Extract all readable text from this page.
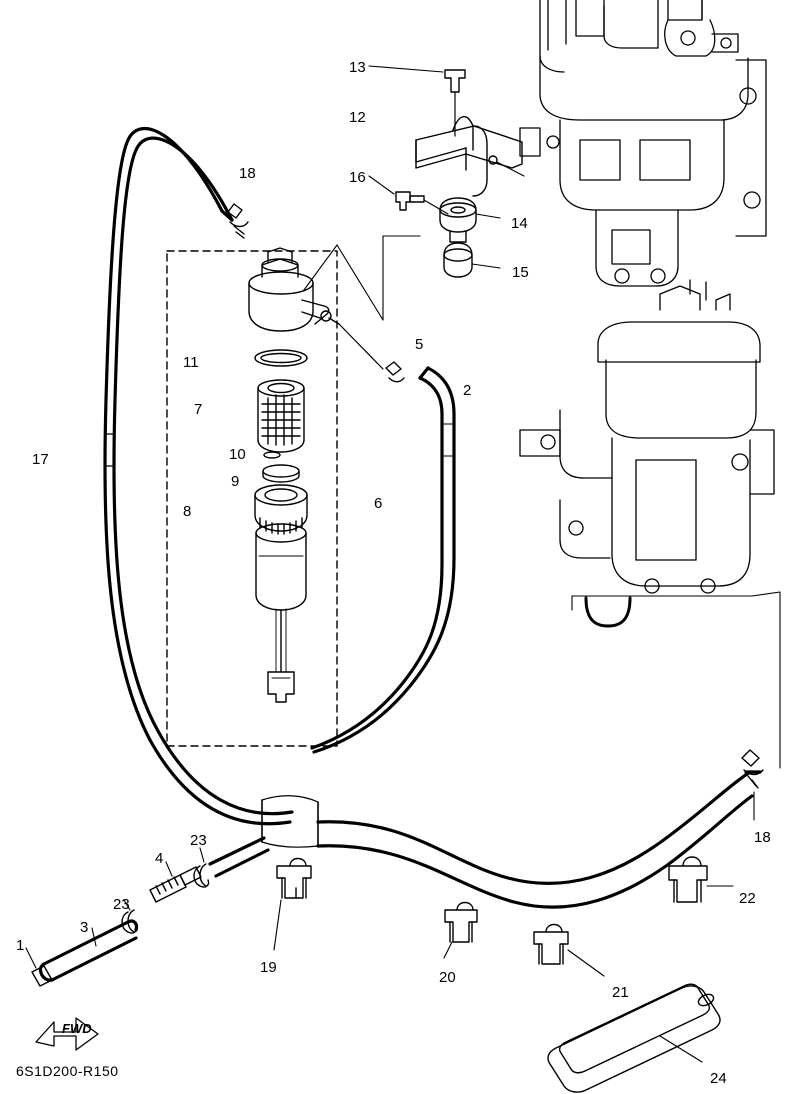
13
12
16
18
14
15
11
5
2
7
17	10
9
8	6
18
23
4
23
3
1
22
19
20
21
24
FWD
6S1D200-R150
